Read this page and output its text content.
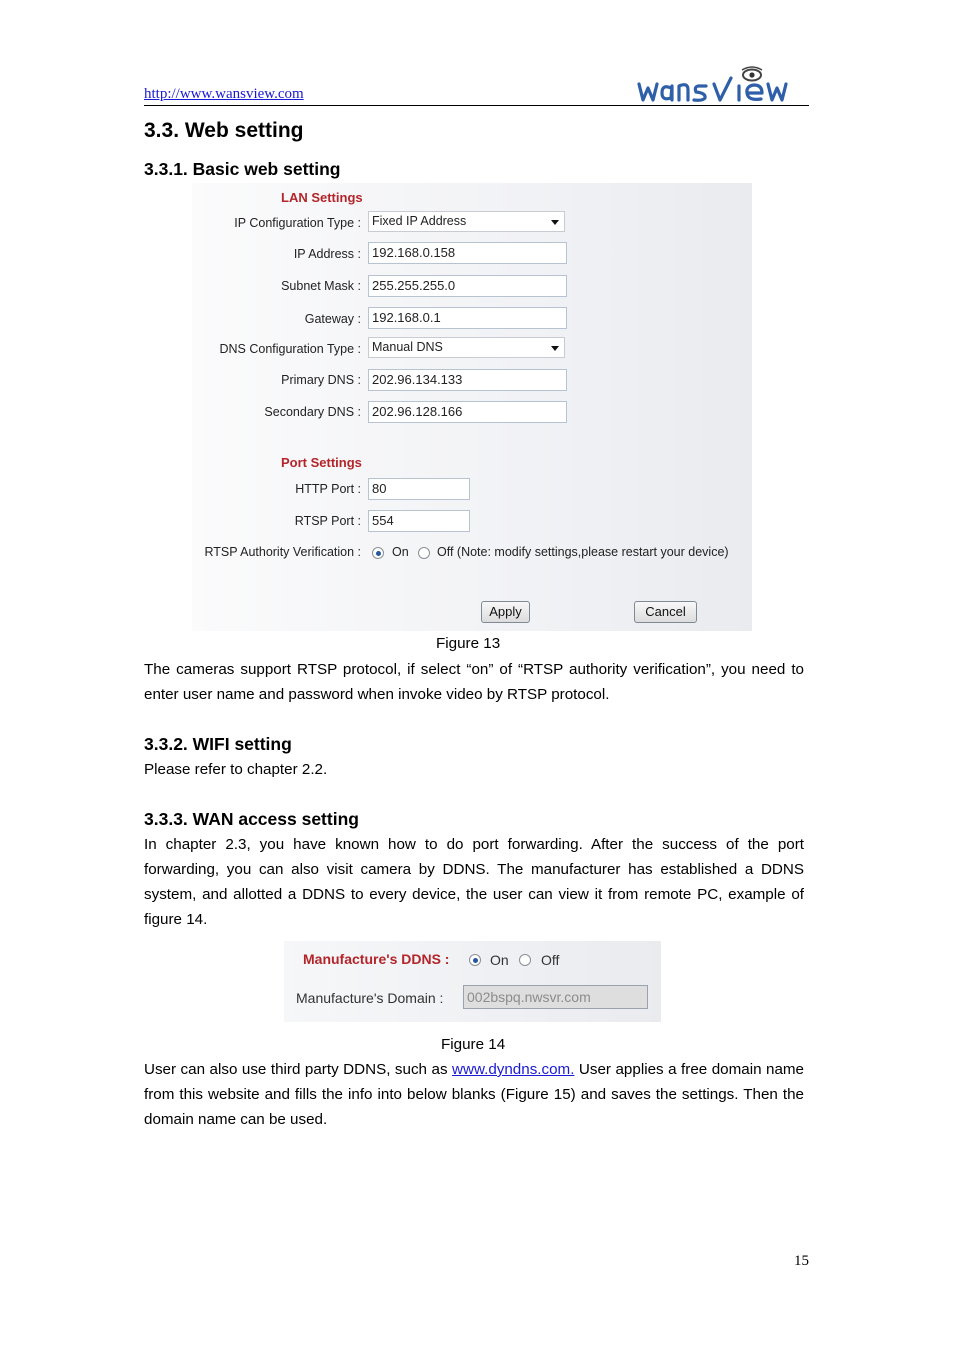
http://www.wansview.com
3.3. Web setting
3.3.1. Basic web setting
LAN Settings
IP Configuration Type : Fixed IP Address
IP Address : 192.168.0.158
Subnet Mask : 255.255.255.0
Gateway : 192.168.0.1
DNS Configuration Type : Manual DNS
Primary DNS : 202.96.134.133
Secondary DNS : 202.96.128.166
Port Settings
HTTP Port : 80
RTSP Port : 554
RTSP Authority Verification : On Off (Note: modify settings,please restart your device)
Apply	Cancel
Figure 13

The cameras support RTSP protocol, if select “on” of “RTSP authority verification”, you need to enter user name and password when invoke video by RTSP protocol.

3.3.2. WIFI setting

Please refer to chapter 2.2.

3.3.3. WAN access setting

In chapter 2.3, you have known how to do port forwarding. After the success of the port forwarding, you can also visit camera by DDNS. The manufacturer has established a DDNS system, and allotted a DDNS to every device, the user can view it from remote PC, example of figure 14.

Manufacture's DDNS :	On Off
Manufacture's Domain : 002bspq.nwsvr.com
Figure 14

User can also use third party DDNS, such as www.dyndns.com. User applies a free domain name from this website and fills the info into below blanks (Figure 15) and saves the settings. Then the domain name can be used.

15
